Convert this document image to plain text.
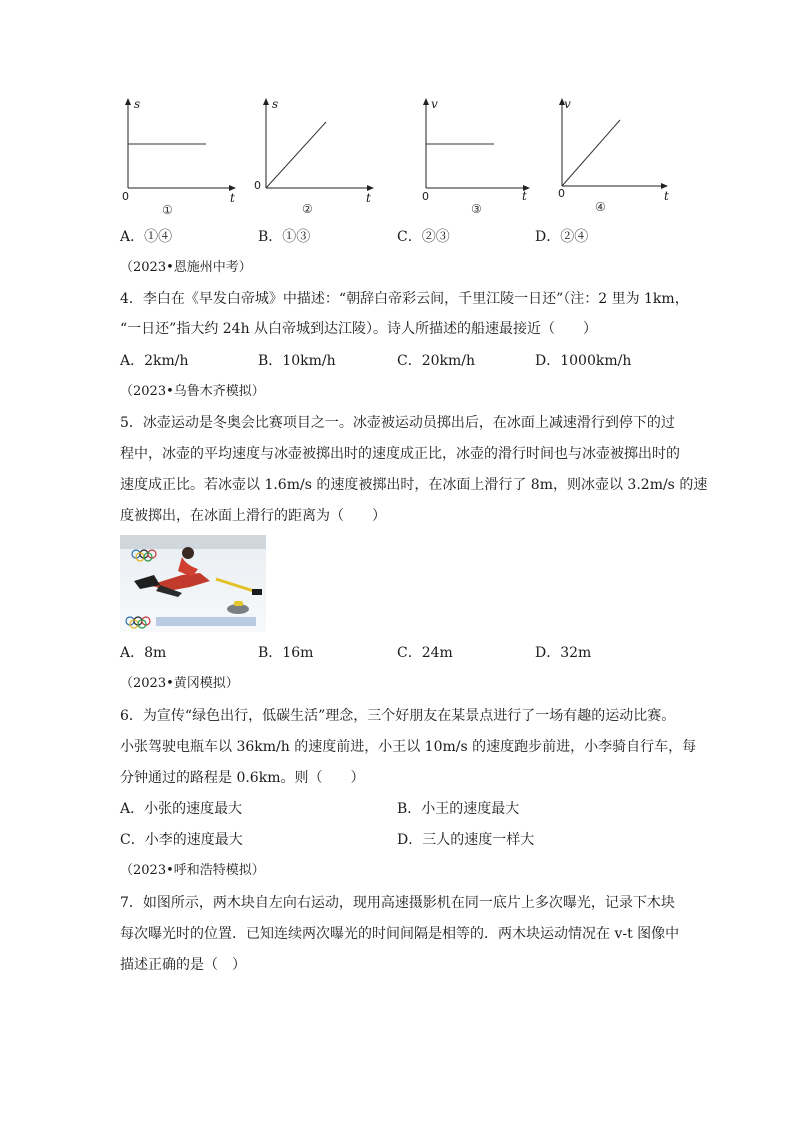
s
t
0
①
s
t
0
②
v
t
0
③
v
t
0
④
A．①④	B．①③	C．②③	D．②④
（2023•恩施州中考）
4．李白在《早发白帝城》中描述：“朝辞白帝彩云间，千里江陵一日还”（注：2 里为 1km，
“一日还”指大约 24h 从白帝城到达江陵）。诗人所描述的船速最接近（　　）
A．2km/h	B．10km/h	C．20km/h	D．1000km/h
（2023•乌鲁木齐模拟）
5．冰壶运动是冬奥会比赛项目之一。冰壶被运动员掷出后，在冰面上减速滑行到停下的过
程中，冰壶的平均速度与冰壶被掷出时的速度成正比，冰壶的滑行时间也与冰壶被掷出时的
速度成正比。若冰壶以 1.6m/s 的速度被掷出时，在冰面上滑行了 8m，则冰壶以 3.2m/s 的速
度被掷出，在冰面上滑行的距离为（　　）
A．8m	B．16m	C．24m	D．32m
（2023•黄冈模拟）
6．为宣传“绿色出行，低碳生活”理念，三个好朋友在某景点进行了一场有趣的运动比赛。
小张驾驶电瓶车以 36km/h 的速度前进，小王以 10m/s 的速度跑步前进，小李骑自行车，每
分钟通过的路程是 0.6km。则（　　）
A．小张的速度最大	B．小王的速度最大
C．小李的速度最大	D．三人的速度一样大
（2023•呼和浩特模拟）
7．如图所示，两木块自左向右运动，现用高速摄影机在同一底片上多次曝光，记录下木块
每次曝光时的位置．已知连续两次曝光的时间间隔是相等的．两木块运动情况在 v-t 图像中
描述正确的是（　）
